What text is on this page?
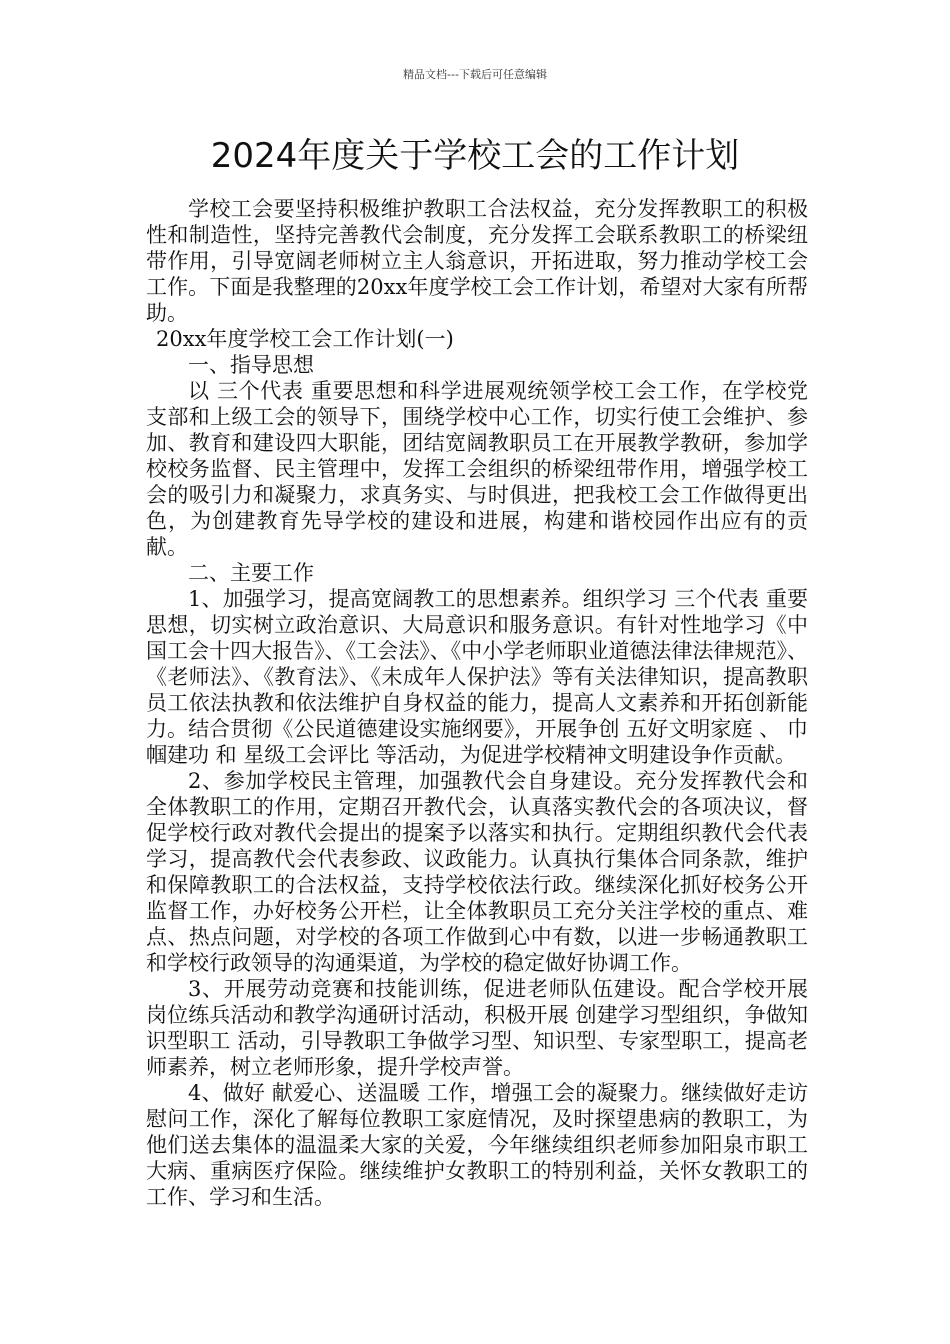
精品文档---下载后可任意编辑
2024年度关于学校工会的工作计划

学校工会要坚持积极维护教职工合法权益，充分发挥教职工的积极性和制造性，坚持完善教代会制度，充分发挥工会联系教职工的桥梁纽带作用，引导宽阔老师树立主人翁意识，开拓进取，努力推动学校工会工作。下面是我整理的20xx年度学校工会工作计划，希望对大家有所帮助。

20xx年度学校工会工作计划(一)

一、指导思想

以 三个代表 重要思想和科学进展观统领学校工会工作，在学校党支部和上级工会的领导下，围绕学校中心工作，切实行使工会维护、参加、教育和建设四大职能，团结宽阔教职员工在开展教学教研，参加学校校务监督、民主管理中，发挥工会组织的桥梁纽带作用，增强学校工会的吸引力和凝聚力，求真务实、与时俱进，把我校工会工作做得更出色，为创建教育先导学校的建设和进展，构建和谐校园作出应有的贡献。

二、主要工作

1、加强学习，提高宽阔教工的思想素养。组织学习 三个代表 重要思想，切实树立政治意识、大局意识和服务意识。有针对性地学习《中国工会十四大报告》、《工会法》、《中小学老师职业道德法律法律规范》、《老师法》、《教育法》、《未成年人保护法》等有关法律知识，提高教职员工依法执教和依法维护自身权益的能力，提高人文素养和开拓创新能力。结合贯彻《公民道德建设实施纲要》，开展争创 五好文明家庭 、 巾帼建功 和 星级工会评比 等活动，为促进学校精神文明建设争作贡献。

2、参加学校民主管理，加强教代会自身建设。充分发挥教代会和全体教职工的作用，定期召开教代会，认真落实教代会的各项决议，督促学校行政对教代会提出的提案予以落实和执行。定期组织教代会代表学习，提高教代会代表参政、议政能力。认真执行集体合同条款，维护和保障教职工的合法权益，支持学校依法行政。继续深化抓好校务公开监督工作，办好校务公开栏，让全体教职员工充分关注学校的重点、难点、热点问题，对学校的各项工作做到心中有数，以进一步畅通教职工和学校行政领导的沟通渠道，为学校的稳定做好协调工作。

3、开展劳动竞赛和技能训练，促进老师队伍建设。配合学校开展岗位练兵活动和教学沟通研讨活动，积极开展 创建学习型组织，争做知识型职工 活动，引导教职工争做学习型、知识型、专家型职工，提高老师素养，树立老师形象，提升学校声誉。

4、做好 献爱心、送温暖 工作，增强工会的凝聚力。继续做好走访慰问工作，深化了解每位教职工家庭情况，及时探望患病的教职工，为他们送去集体的温温柔大家的关爱，今年继续组织老师参加阳泉市职工大病、重病医疗保险。继续维护女教职工的特别利益，关怀女教职工的工作、学习和生活。
